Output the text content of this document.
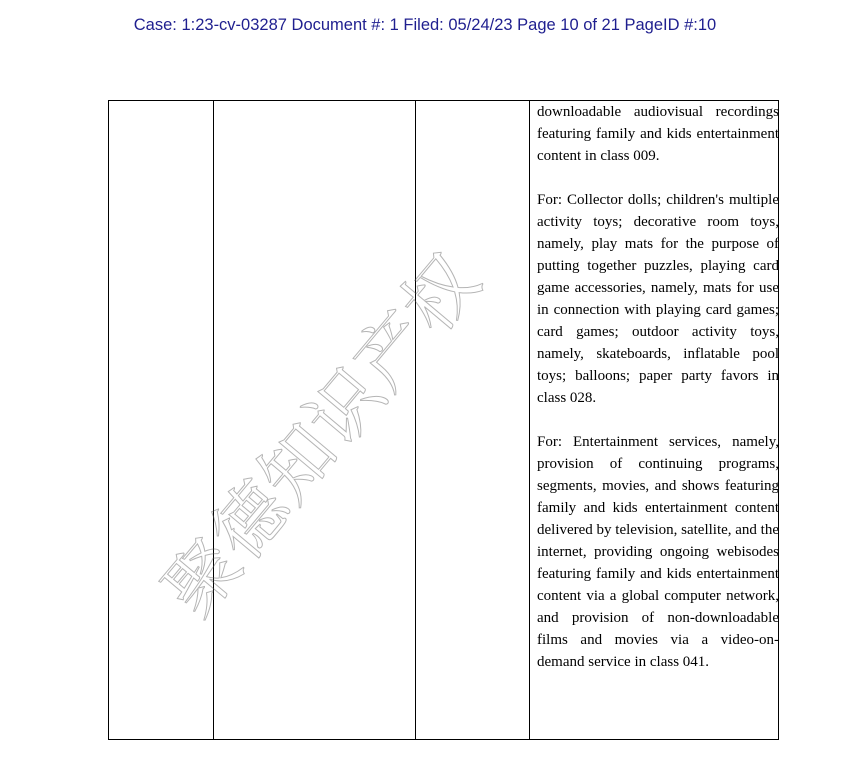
Case: 1:23-cv-03287 Document #: 1 Filed: 05/24/23 Page 10 of 21 PageID #:10

downloadable audiovisual recordings featuring family and kids entertainment content in class 009.

For: Collector dolls; children's multiple activity toys; decorative room toys, namely, play mats for the purpose of putting together puzzles, playing card game accessories, namely, mats for use in connection with playing card games; card games; outdoor activity toys, namely, skateboards, inflatable pool toys; balloons; paper party favors in class 028.

For: Entertainment services, namely, provision of continuing programs, segments, movies, and shows featuring family and kids entertainment content delivered by television, satellite, and the internet, providing ongoing webisodes featuring family and kids entertainment content via a global computer network, and provision of non-downloadable films and movies via a video-on-demand service in class 041.

聚德知识产权
